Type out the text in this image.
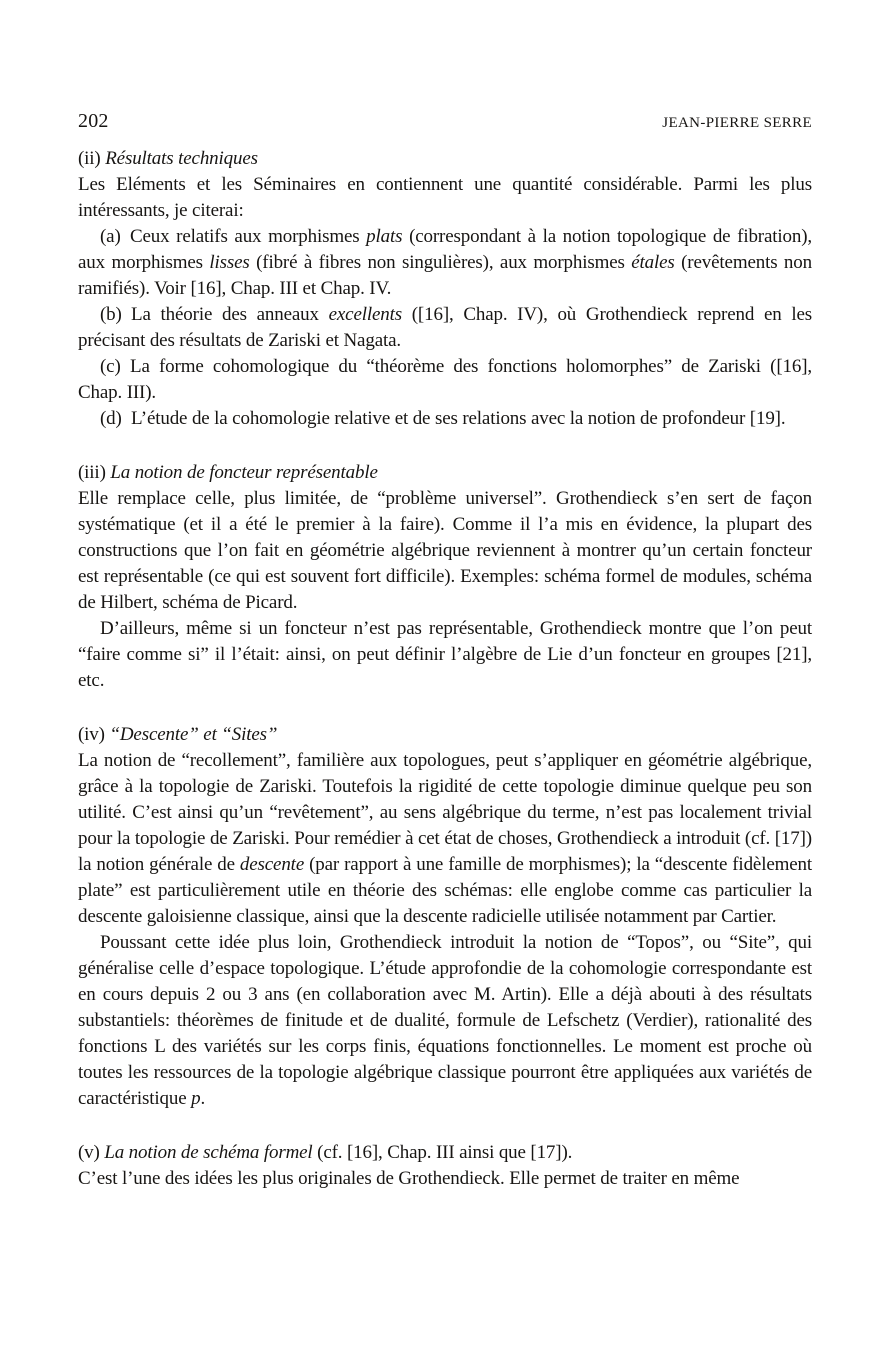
202	JEAN-PIERRE SERRE

(ii) Résultats techniques

Les Eléments et les Séminaires en contiennent une quantité considérable. Parmi les plus intéressants, je citerai:

(a) Ceux relatifs aux morphismes plats (correspondant à la notion topologique de fibration), aux morphismes lisses (fibré à fibres non singulières), aux morphismes étales (revêtements non ramifiés). Voir [16], Chap. III et Chap. IV.

(b) La théorie des anneaux excellents ([16], Chap. IV), où Grothendieck reprend en les précisant des résultats de Zariski et Nagata.

(c) La forme cohomologique du “théorème des fonctions holomorphes” de Zariski ([16], Chap. III).

(d) L’étude de la cohomologie relative et de ses relations avec la notion de profondeur [19].

(iii) La notion de foncteur représentable

Elle remplace celle, plus limitée, de “problème universel”. Grothendieck s’en sert de façon systématique (et il a été le premier à la faire). Comme il l’a mis en évidence, la plupart des constructions que l’on fait en géométrie algébrique reviennent à montrer qu’un certain foncteur est représentable (ce qui est souvent fort difficile). Exemples: schéma formel de modules, schéma de Hilbert, schéma de Picard.

D’ailleurs, même si un foncteur n’est pas représentable, Grothendieck montre que l’on peut “faire comme si” il l’était: ainsi, on peut définir l’algèbre de Lie d’un foncteur en groupes [21], etc.

(iv) “Descente” et “Sites”

La notion de “recollement”, familière aux topologues, peut s’appliquer en géométrie algébrique, grâce à la topologie de Zariski. Toutefois la rigidité de cette topologie diminue quelque peu son utilité. C’est ainsi qu’un “revêtement”, au sens algébrique du terme, n’est pas localement trivial pour la topologie de Zariski. Pour remédier à cet état de choses, Grothendieck a introduit (cf. [17]) la notion générale de descente (par rapport à une famille de morphismes); la “descente fidèlement plate” est particulièrement utile en théorie des schémas: elle englobe comme cas particulier la descente galoisienne classique, ainsi que la descente radicielle utilisée notamment par Cartier.

Poussant cette idée plus loin, Grothendieck introduit la notion de “Topos”, ou “Site”, qui généralise celle d’espace topologique. L’étude approfondie de la cohomologie correspondante est en cours depuis 2 ou 3 ans (en collaboration avec M. Artin). Elle a déjà abouti à des résultats substantiels: théorèmes de finitude et de dualité, formule de Lefschetz (Verdier), rationalité des fonctions L des variétés sur les corps finis, équations fonctionnelles. Le moment est proche où toutes les ressources de la topologie algébrique classique pourront être appliquées aux variétés de caractéristique p.

(v) La notion de schéma formel (cf. [16], Chap. III ainsi que [17]).

C’est l’une des idées les plus originales de Grothendieck. Elle permet de traiter en même
